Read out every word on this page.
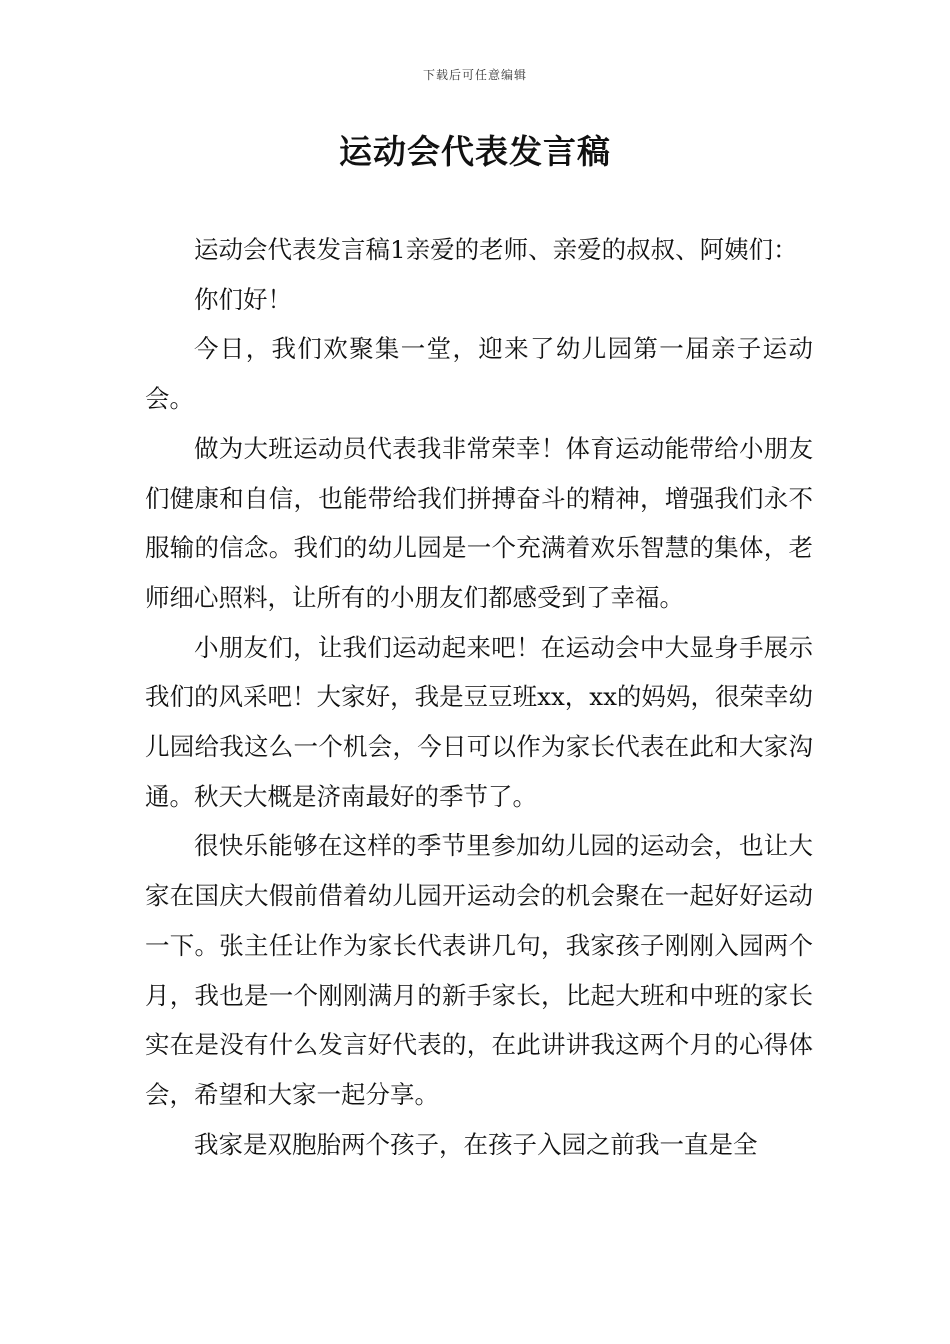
下载后可任意编辑
运动会代表发言稿

运动会代表发言稿1亲爱的老师、亲爱的叔叔、阿姨们：

你们好！

今日，我们欢聚集一堂，迎来了幼儿园第一届亲子运动会。

做为大班运动员代表我非常荣幸！体育运动能带给小朋友们健康和自信，也能带给我们拼搏奋斗的精神，增强我们永不服输的信念。我们的幼儿园是一个充满着欢乐智慧的集体，老师细心照料，让所有的小朋友们都感受到了幸福。

小朋友们，让我们运动起来吧！在运动会中大显身手展示我们的风采吧！大家好，我是豆豆班xx，xx的妈妈，很荣幸幼儿园给我这么一个机会，今日可以作为家长代表在此和大家沟通。秋天大概是济南最好的季节了。

很快乐能够在这样的季节里参加幼儿园的运动会，也让大家在国庆大假前借着幼儿园开运动会的机会聚在一起好好运动一下。张主任让作为家长代表讲几句，我家孩子刚刚入园两个月，我也是一个刚刚满月的新手家长，比起大班和中班的家长实在是没有什么发言好代表的，在此讲讲我这两个月的心得体会，希望和大家一起分享。

我家是双胞胎两个孩子，在孩子入园之前我一直是全
